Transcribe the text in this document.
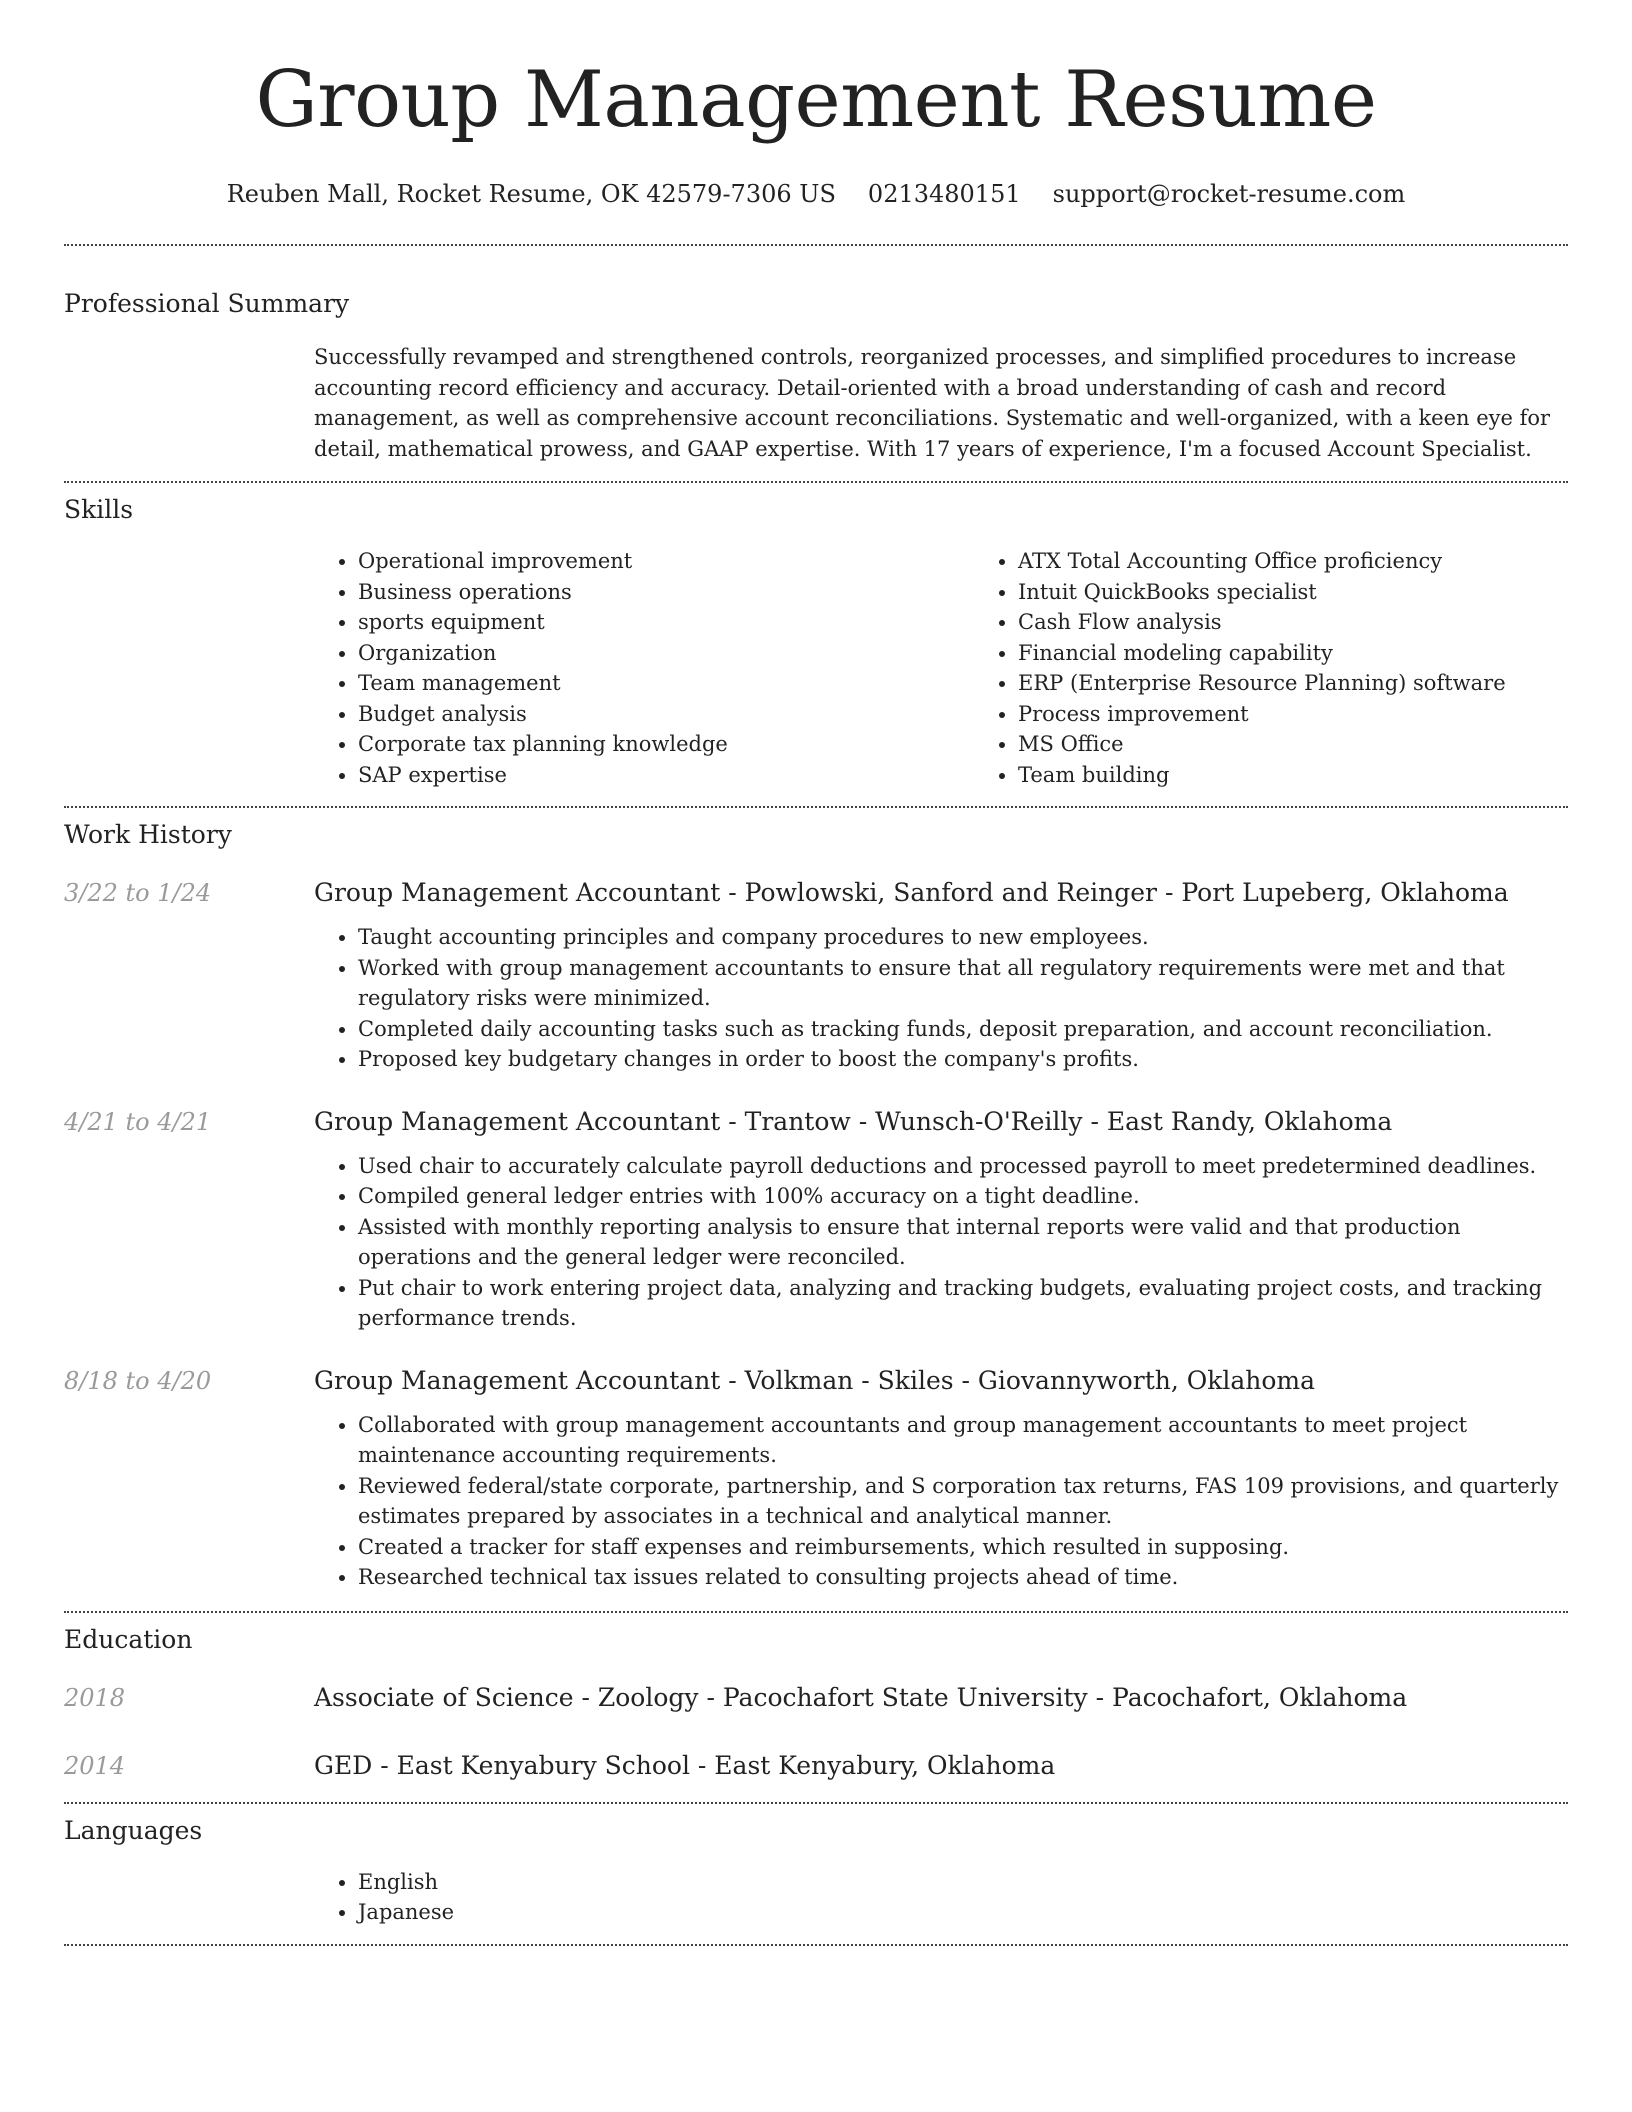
Group Management Resume
Reuben Mall, Rocket Resume, OK 42579-7306 US 0213480151 support@rocket-resume.com
Professional Summary

Successfully revamped and strengthened controls, reorganized processes, and simplified procedures to increase accounting record efficiency and accuracy. Detail-oriented with a broad understanding of cash and record management, as well as comprehensive account reconciliations. Systematic and well-organized, with a keen eye for detail, mathematical prowess, and GAAP expertise. With 17 years of experience, I'm a focused Account Specialist.

Skills
• Operational improvement
• Business operations
• sports equipment
• Organization
• Team management
• Budget analysis
• Corporate tax planning knowledge
• SAP expertise
• ATX Total Accounting Office proficiency
• Intuit QuickBooks specialist
• Cash Flow analysis
• Financial modeling capability
• ERP (Enterprise Resource Planning) software
• Process improvement
• MS Office
• Team building
Work History
3/22 to 1/24	Group Management Accountant - Powlowski, Sanford and Reinger - Port Lupeberg, Oklahoma
• Taught accounting principles and company procedures to new employees.
• Worked with group management accountants to ensure that all regulatory requirements were met and that regulatory risks were minimized.
• Completed daily accounting tasks such as tracking funds, deposit preparation, and account reconciliation.
• Proposed key budgetary changes in order to boost the company's profits.
4/21 to 4/21	Group Management Accountant - Trantow - Wunsch-O'Reilly - East Randy, Oklahoma
• Used chair to accurately calculate payroll deductions and processed payroll to meet predetermined deadlines.
• Compiled general ledger entries with 100% accuracy on a tight deadline.
• Assisted with monthly reporting analysis to ensure that internal reports were valid and that production operations and the general ledger were reconciled.
• Put chair to work entering project data, analyzing and tracking budgets, evaluating project costs, and tracking performance trends.
8/18 to 4/20	Group Management Accountant - Volkman - Skiles - Giovannyworth, Oklahoma
• Collaborated with group management accountants and group management accountants to meet project maintenance accounting requirements.
• Reviewed federal/state corporate, partnership, and S corporation tax returns, FAS 109 provisions, and quarterly estimates prepared by associates in a technical and analytical manner.
• Created a tracker for staff expenses and reimbursements, which resulted in supposing.
• Researched technical tax issues related to consulting projects ahead of time.
Education
2018	Associate of Science - Zoology - Pacochafort State University - Pacochafort, Oklahoma
2014	GED - East Kenyabury School - East Kenyabury, Oklahoma
Languages
• English
• Japanese
